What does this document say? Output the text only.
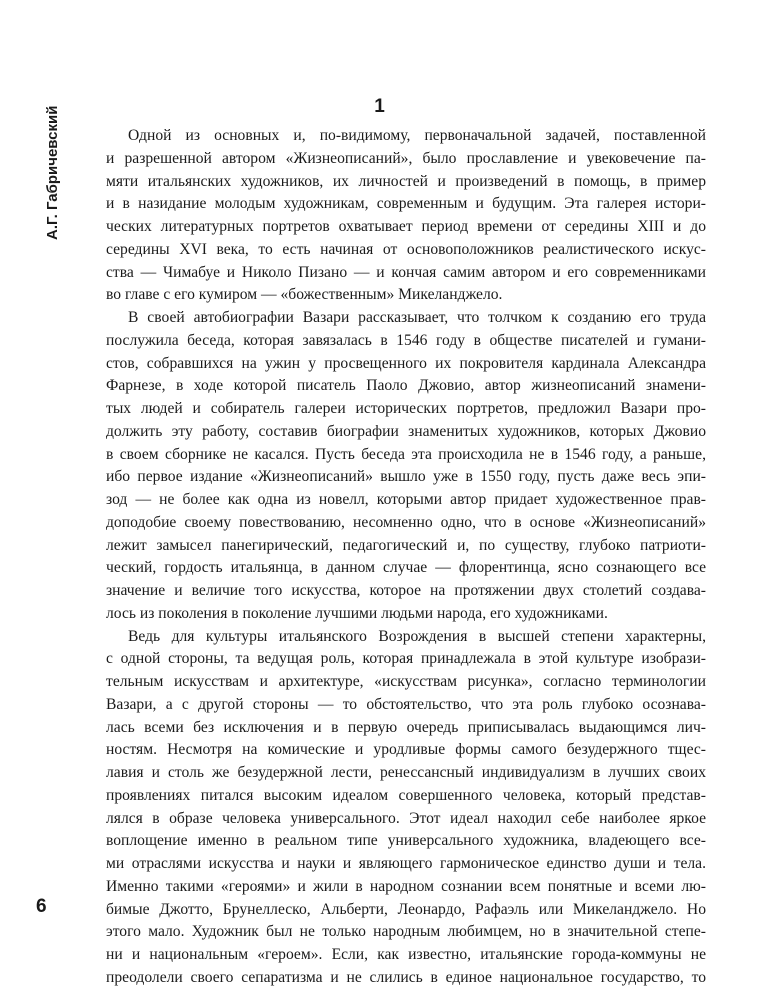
А.Г. Габричевский
6
1
Одной из основных и, по-видимому, первоначальной задачей, поставленной
и разрешенной автором «Жизнеописаний», было прославление и увековечение па-
мяти итальянских художников, их личностей и произведений в помощь, в пример
и в назидание молодым художникам, современным и будущим. Эта галерея истори-
ческих литературных портретов охватывает период времени от середины XIII и до
середины XVI века, то есть начиная от основоположников реалистического искус-
ства — Чимабуе и Николо Пизано — и кончая самим автором и его современниками
во главе с его кумиром — «божественным» Микеланджело.
В своей автобиографии Вазари рассказывает, что толчком к созданию его труда
послужила беседа, которая завязалась в 1546 году в обществе писателей и гумани-
стов, собравшихся на ужин у просвещенного их покровителя кардинала Александра
Фарнезе, в ходе которой писатель Паоло Джовио, автор жизнеописаний знамени-
тых людей и собиратель галереи исторических портретов, предложил Вазари про-
должить эту работу, составив биографии знаменитых художников, которых Джовио
в своем сборнике не касался. Пусть беседа эта происходила не в 1546 году, а раньше,
ибо первое издание «Жизнеописаний» вышло уже в 1550 году, пусть даже весь эпи-
зод — не более как одна из новелл, которыми автор придает художественное прав-
доподобие своему повествованию, несомненно одно, что в основе «Жизнеописаний»
лежит замысел панегирический, педагогический и, по существу, глубоко патриоти-
ческий, гордость итальянца, в данном случае — флорентинца, ясно сознающего все
значение и величие того искусства, которое на протяжении двух столетий создава-
лось из поколения в поколение лучшими людьми народа, его художниками.
Ведь для культуры итальянского Возрождения в высшей степени характерны,
с одной стороны, та ведущая роль, которая принадлежала в этой культуре изобрази-
тельным искусствам и архитектуре, «искусствам рисунка», согласно терминологии
Вазари, а с другой стороны — то обстоятельство, что эта роль глубоко осознава-
лась всеми без исключения и в первую очередь приписывалась выдающимся лич-
ностям. Несмотря на комические и уродливые формы самого безудержного тщес-
лавия и столь же безудержной лести, ренессансный индивидуализм в лучших своих
проявлениях питался высоким идеалом совершенного человека, который представ-
лялся в образе человека универсального. Этот идеал находил себе наиболее яркое
воплощение именно в реальном типе универсального художника, владеющего все-
ми отраслями искусства и науки и являющего гармоническое единство души и тела.
Именно такими «героями» и жили в народном сознании всем понятные и всеми лю-
бимые Джотто, Брунеллеско, Альберти, Леонардо, Рафаэль или Микеланджело. Но
этого мало. Художник был не только народным любимцем, но в значительной степе-
ни и национальным «героем». Если, как известно, итальянские города-коммуны не
преодолели своего сепаратизма и не слились в единое национальное государство, то
